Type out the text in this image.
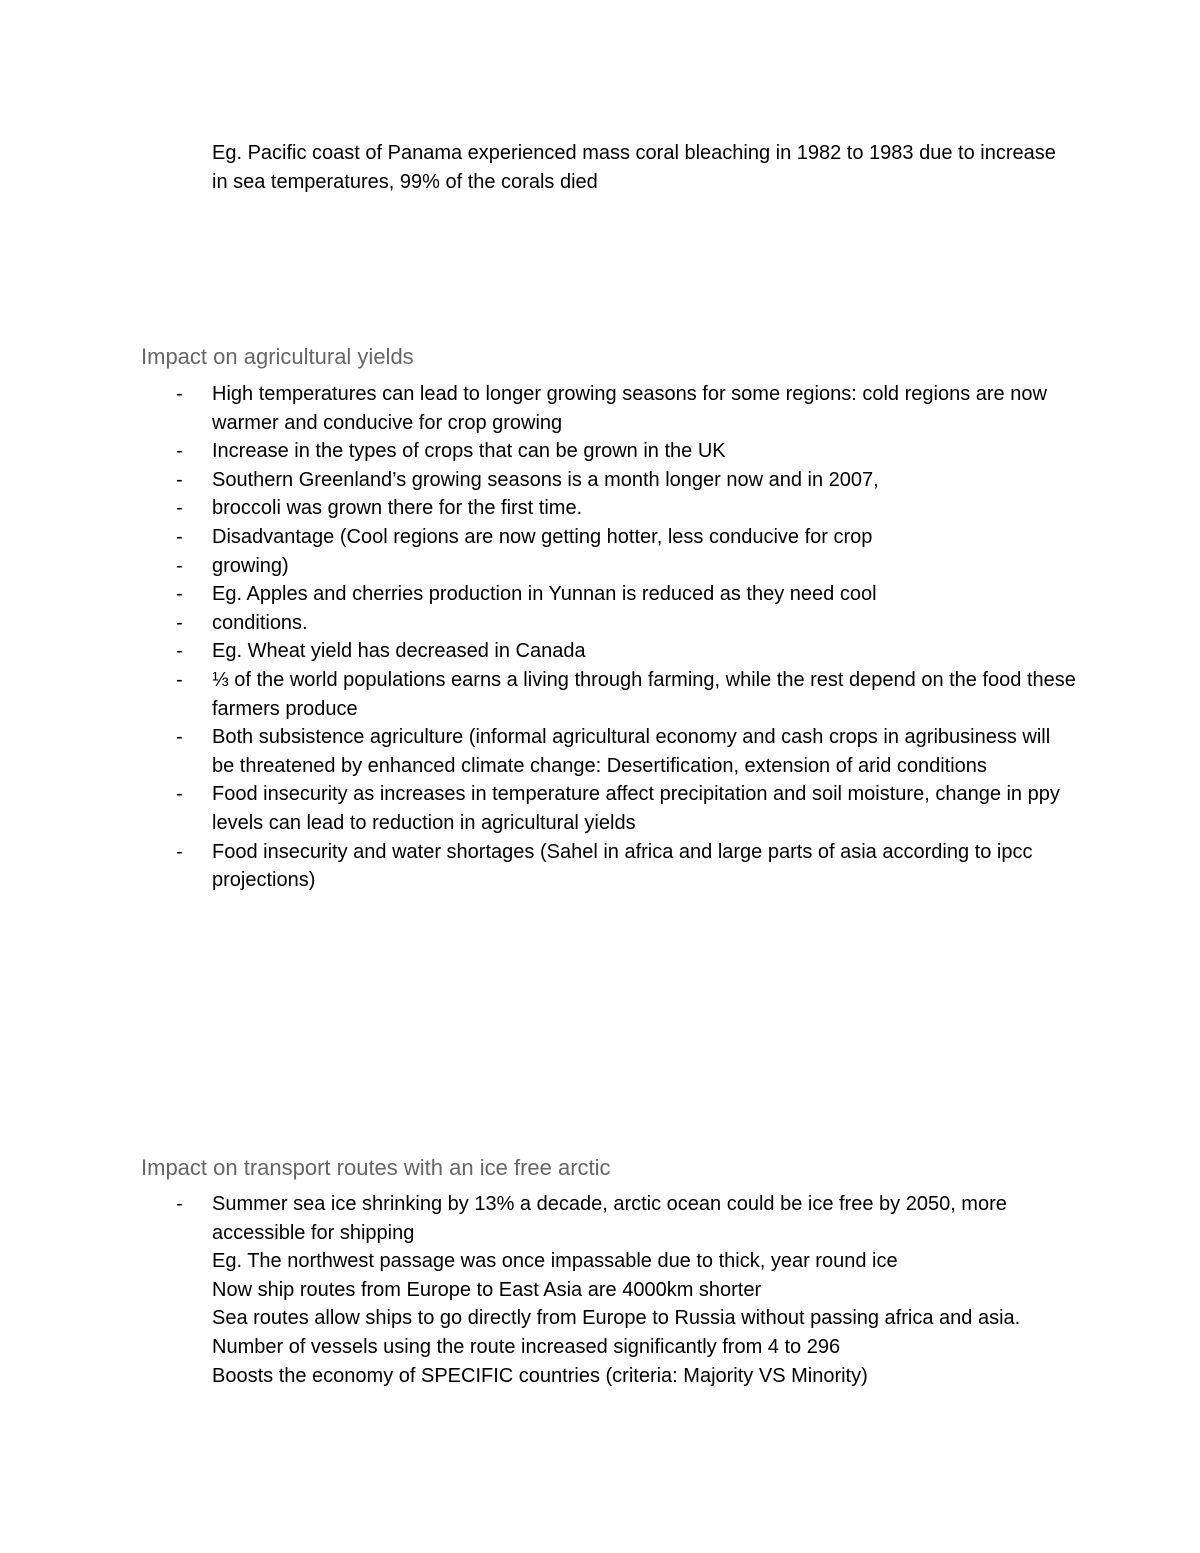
Eg. Pacific coast of Panama experienced mass coral bleaching in 1982 to 1983 due to increase in sea temperatures, 99% of the corals died
Impact on agricultural yields
-	High temperatures can lead to longer growing seasons for some regions: cold regions are now warmer and conducive for crop growing
-	Increase in the types of crops that can be grown in the UK
-	Southern Greenland’s growing seasons is a month longer now and in 2007,
-	broccoli was grown there for the first time.
-	Disadvantage (Cool regions are now getting hotter, less conducive for crop
-	growing)
-	Eg. Apples and cherries production in Yunnan is reduced as they need cool
-	conditions.
-	Eg. Wheat yield has decreased in Canada
-	⅓ of the world populations earns a living through farming, while the rest depend on the food these farmers produce
-	Both subsistence agriculture (informal agricultural economy and cash crops in agribusiness will be threatened by enhanced climate change: Desertification, extension of arid conditions
-	Food insecurity as increases in temperature affect precipitation and soil moisture, change in ppy levels can lead to reduction in agricultural yields
-	Food insecurity and water shortages (Sahel in africa and large parts of asia according to ipcc projections)
Impact on transport routes with an ice free arctic
-	Summer sea ice shrinking by 13% a decade, arctic ocean could be ice free by 2050, more accessible for shipping
Eg. The northwest passage was once impassable due to thick, year round ice
Now ship routes from Europe to East Asia are 4000km shorter
Sea routes allow ships to go directly from Europe to Russia without passing africa and asia. Number of vessels using the route increased significantly from 4 to 296
Boosts the economy of SPECIFIC countries (criteria: Majority VS Minority)
